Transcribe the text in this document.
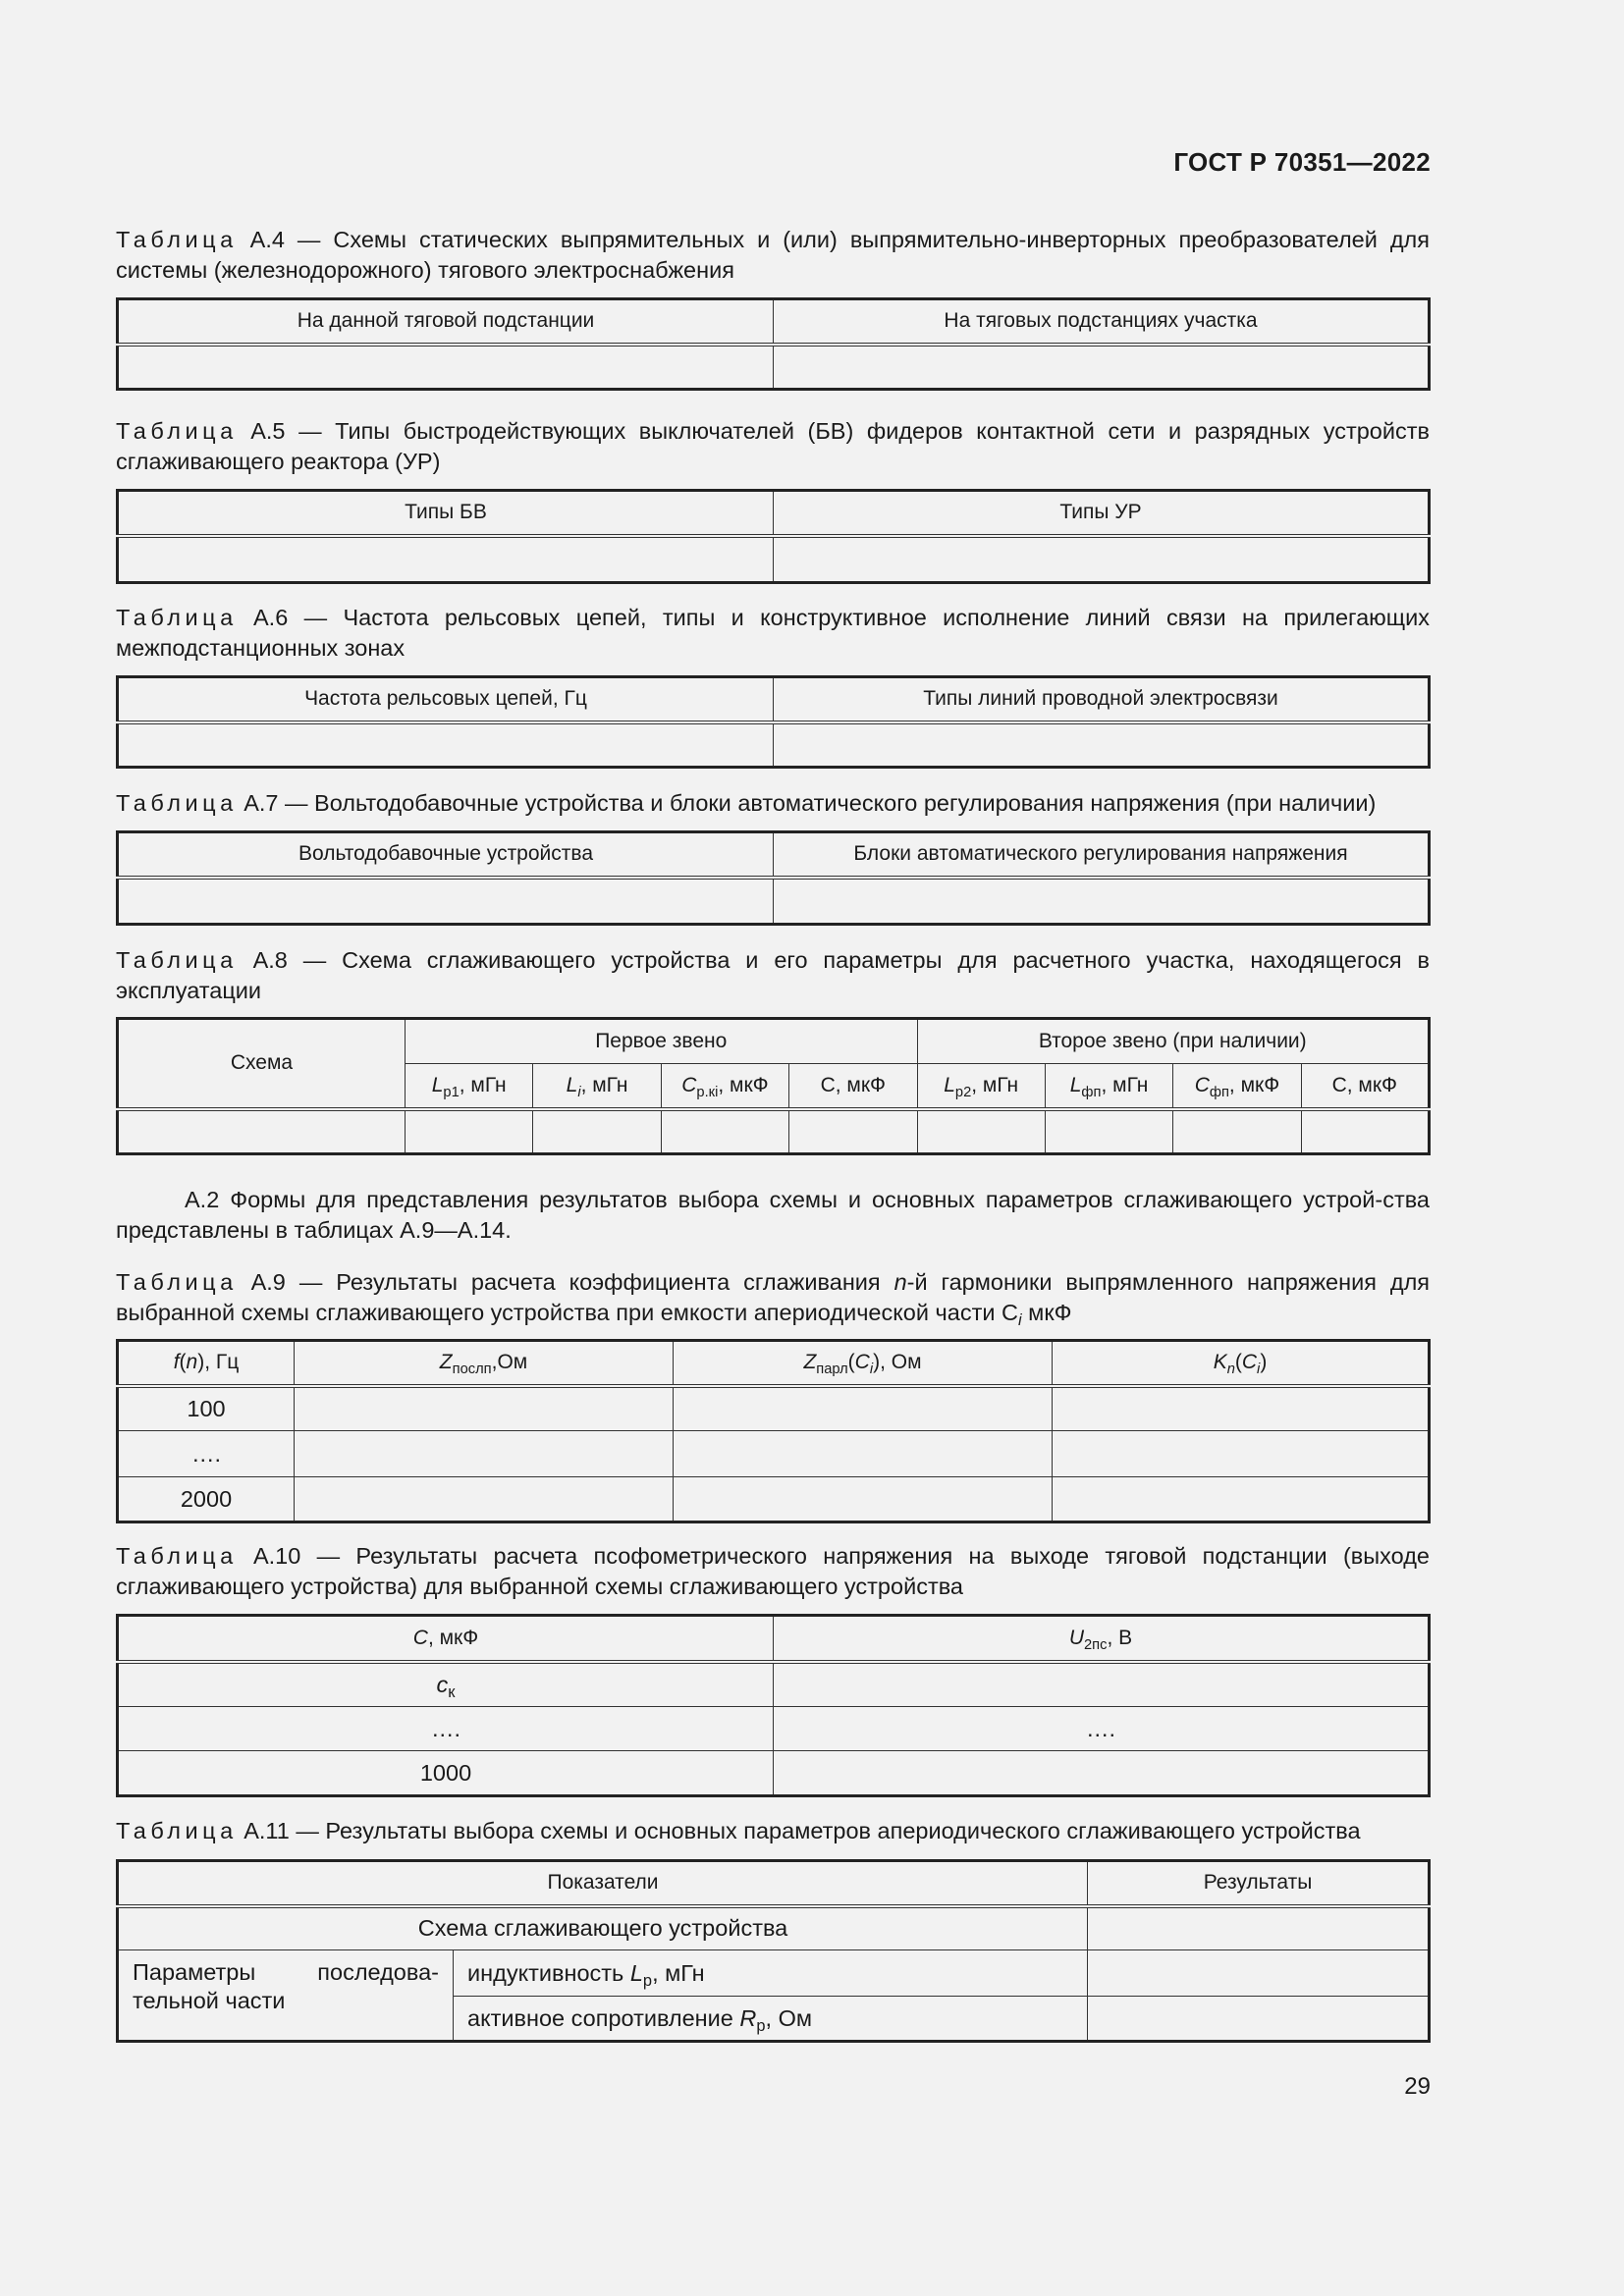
ГОСТ Р 70351—2022
Таблица А.4 — Схемы статических выпрямительных и (или) выпрямительно-инверторных преобразователей для системы (железнодорожного) тягового электроснабжения
На данной тяговой подстанции	На тяговых подстанциях участка

Таблица А.5 — Типы быстродействующих выключателей (БВ) фидеров контактной сети и разрядных устройств сглаживающего реактора (УР)
Типы БВ	Типы УР

Таблица А.6 — Частота рельсовых цепей, типы и конструктивное исполнение линий связи на прилегающих межподстанционных зонах
Частота рельсовых цепей, Гц	Типы линий проводной электросвязи

Таблица А.7 — Вольтодобавочные устройства и блоки автоматического регулирования напряжения (при наличии)
Вольтодобавочные устройства	Блоки автоматического регулирования напряжения

Таблица А.8 — Схема сглаживающего устройства и его параметры для расчетного участка, находящегося в эксплуатации
Схема	Первое звено				Второе звено (при наличии)			
	$L_{р1}$, мГн	$L_i$, мГн	$C_{р.кi}$, мкФ	С, мкФ	$L_{р2}$, мГн	$L_{фп}$, мГн	$C_{фп}$, мкФ	С, мкФ

А.2 Формы для представления результатов выбора схемы и основных параметров сглаживающего устрой-ства представлены в таблицах А.9—А.14.
Таблица А.9 — Результаты расчета коэффициента сглаживания n-й гармоники выпрямленного напряжения для выбранной схемы сглаживающего устройства при емкости апериодической части $С_i$ мкФ
f(n), Гц	$Z_{послп},Ом$	$Z_{парл}(C_i)$, Ом	$K_n(C_i)$
100			
….			
2000			
Таблица А.10 — Результаты расчета псофометрического напряжения на выходе тяговой подстанции (выходе сглаживающего устройства) для выбранной схемы сглаживающего устройства
C, мкФ	$U_{2пс}$, В
$c_к$	
….	….
1000	
Таблица А.11 — Результаты выбора схемы и основных параметров апериодического сглаживающего устройства
Показатели		Результаты
Схема сглаживающего устройства		
Параметры последова-тельной части	индуктивность $L_р$, мГн	
	активное сопротивление $R_р$, Ом	
29
